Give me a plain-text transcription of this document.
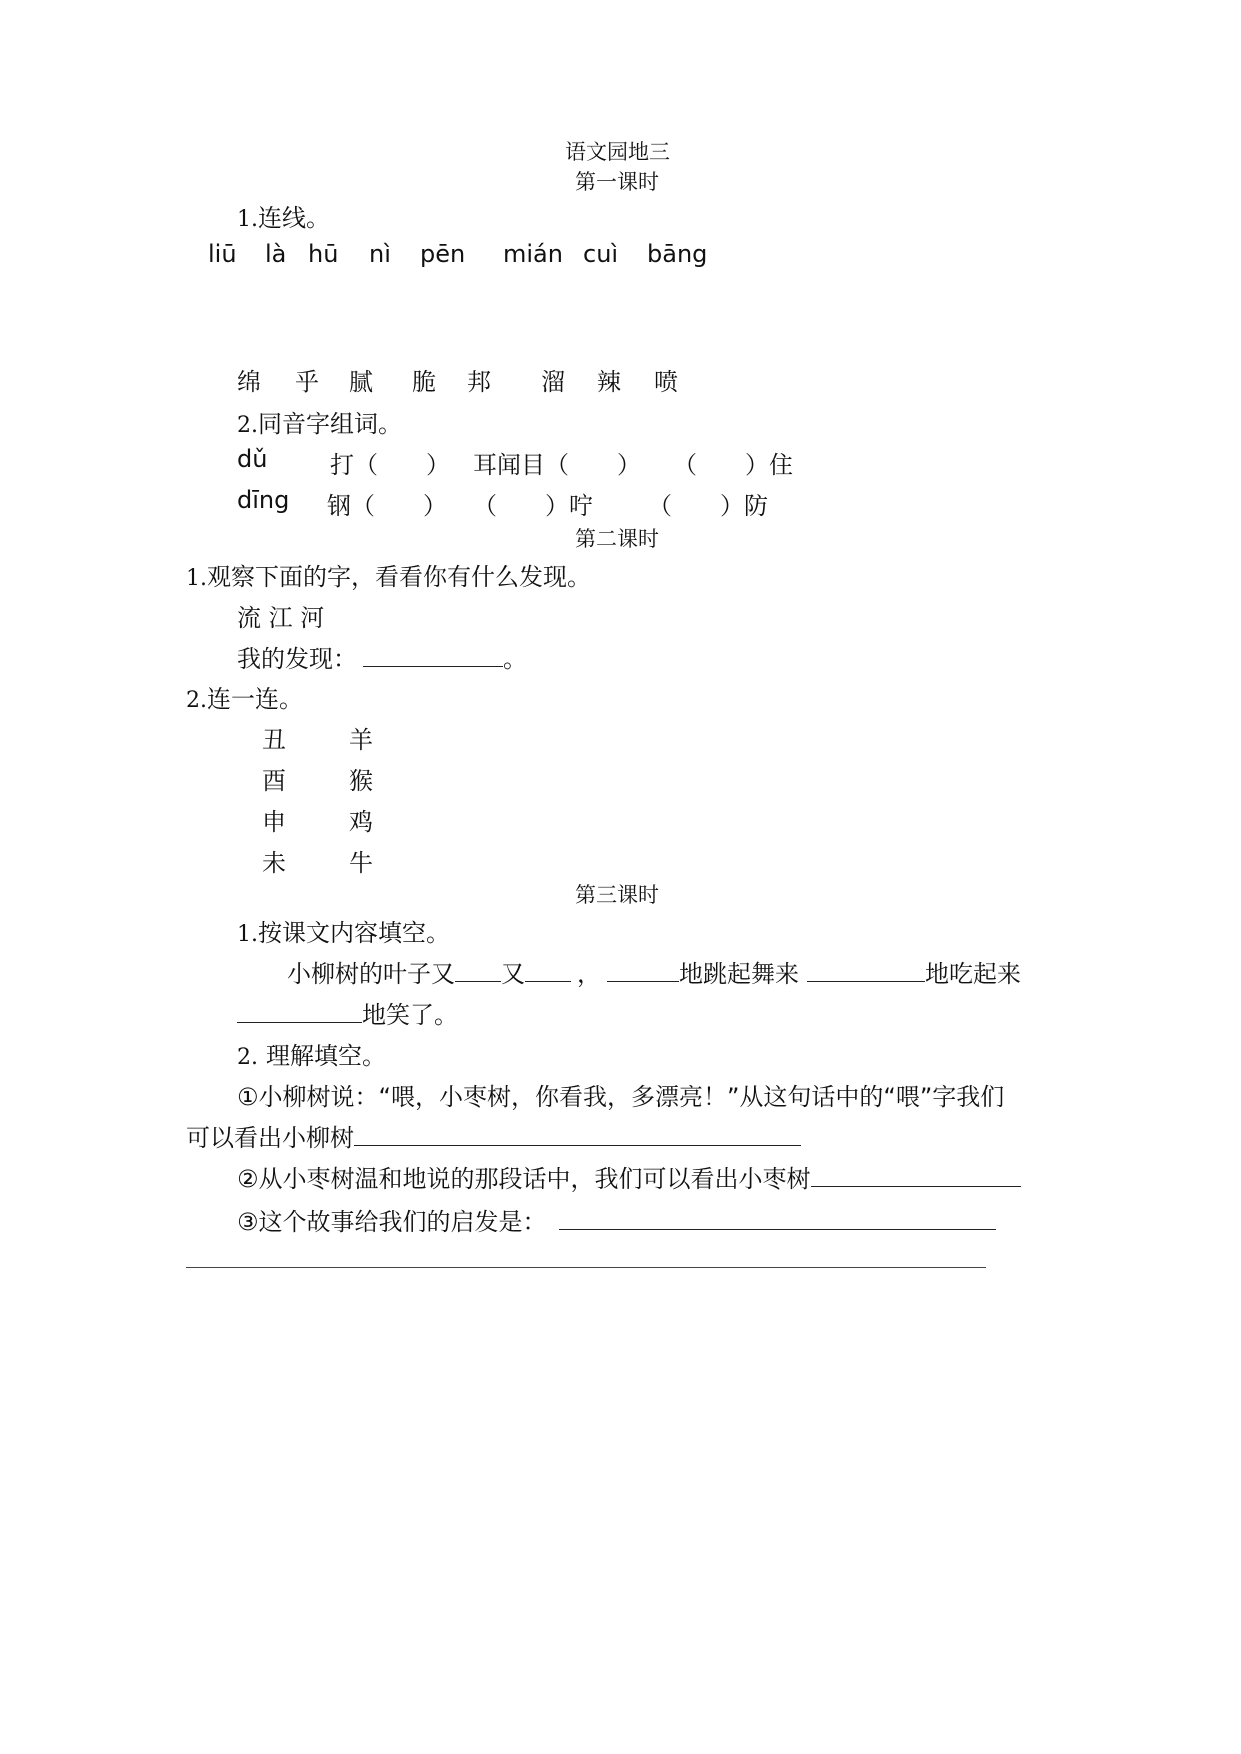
语文园地三
第一课时
1.连线。
liū là hū nì pēn mián cuì bāng
绵 乎 腻 脆 邦 溜 辣 喷
2.同音字组词。
dǔ	打（　　） 耳闻目（　　） （　　）住
dīng 钢（　　） （　　）咛 （　　）防
第二课时
1.观察下面的字，看看你有什么发现。
流 江 河
我的发现：	。
2.连一连。
丑	羊
酉	猴
申	鸡
未	牛
第三课时
1.按课文内容填空。
小柳树的叶子又 又 ，	地跳起舞来	地吃起来
地笑了。
2. 理解填空。
①小柳树说：“喂，小枣树，你看我，多漂亮！”从这句话中的“喂”字我们
可以看出小柳树
②从小枣树温和地说的那段话中，我们可以看出小枣树
③这个故事给我们的启发是：
